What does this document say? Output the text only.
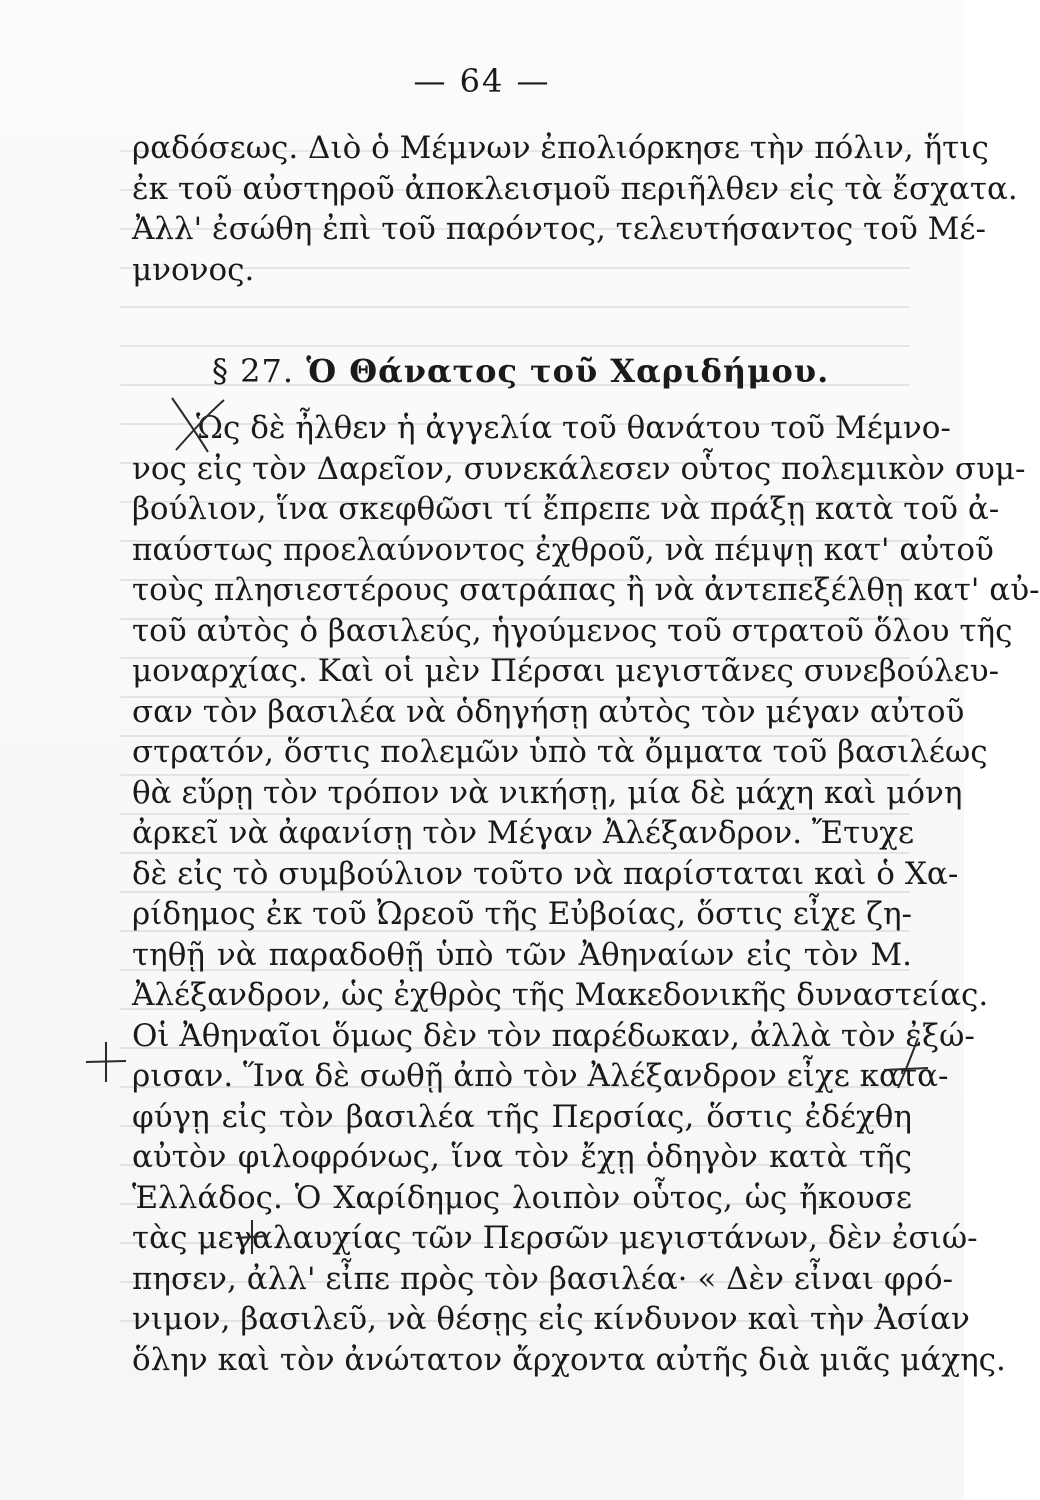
— 64 —
ραδόσεως. Διὸ ὁ Μέμνων ἐπολιόρκησε τὴν πόλιν, ἥτις
ἐκ τοῦ αὐστηροῦ ἀποκλεισμοῦ περιῆλθεν εἰς τὰ ἔσχατα.
Ἀλλ' ἐσώθη ἐπὶ τοῦ παρόντος, τελευτήσαντος τοῦ Μέ-
μνονος.
§ 27. Ὁ Θάνατος τοῦ Χαριδήμου.
Ὡς δὲ ἦλθεν ἡ ἀγγελία τοῦ θανάτου τοῦ Μέμνο-
νος εἰς τὸν Δαρεῖον, συνεκάλεσεν οὗτος πολεμικὸν συμ-
βούλιον, ἵνα σκεφθῶσι τί ἔπρεπε νὰ πράξῃ κατὰ τοῦ ἀ-
παύστως προελαύνοντος ἐχθροῦ, νὰ πέμψῃ κατ' αὐτοῦ
τοὺς πλησιεστέρους σατράπας ἢ νὰ ἀντεπεξέλθῃ κατ' αὐ-
τοῦ αὐτὸς ὁ βασιλεύς, ἡγούμενος τοῦ στρατοῦ ὅλου τῆς
μοναρχίας. Καὶ οἱ μὲν Πέρσαι μεγιστᾶνες συνεβούλευ-
σαν τὸν βασιλέα νὰ ὁδηγήσῃ αὐτὸς τὸν μέγαν αὐτοῦ
στρατόν, ὅστις πολεμῶν ὑπὸ τὰ ὄμματα τοῦ βασιλέως
θὰ εὕρῃ τὸν τρόπον νὰ νικήσῃ, μία δὲ μάχη καὶ μόνη
ἀρκεῖ νὰ ἀφανίσῃ τὸν Μέγαν Ἀλέξανδρον. Ἔτυχε
δὲ εἰς τὸ συμβούλιον τοῦτο νὰ παρίσταται καὶ ὁ Χα-
ρίδημος ἐκ τοῦ Ὠρεοῦ τῆς Εὐβοίας, ὅστις εἶχε ζη-
τηθῇ νὰ παραδοθῇ ὑπὸ τῶν Ἀθηναίων εἰς τὸν Μ.
Ἀλέξανδρον, ὡς ἐχθρὸς τῆς Μακεδονικῆς δυναστείας.
Οἱ Ἀθηναῖοι ὅμως δὲν τὸν παρέδωκαν, ἀλλὰ τὸν ἐξώ-
ρισαν. Ἵνα δὲ σωθῇ ἀπὸ τὸν Ἀλέξανδρον εἶχε κατα-
φύγῃ εἰς τὸν βασιλέα τῆς Περσίας, ὅστις ἐδέχθη
αὐτὸν φιλοφρόνως, ἵνα τὸν ἔχῃ ὁδηγὸν κατὰ τῆς
Ἑλλάδος. Ὁ Χαρίδημος λοιπὸν οὗτος, ὡς ἤκουσε
τὰς μεγαλαυχίας τῶν Περσῶν μεγιστάνων, δὲν ἐσιώ-
πησεν, ἀλλ' εἶπε πρὸς τὸν βασιλέα· « Δὲν εἶναι φρό-
νιμον, βασιλεῦ, νὰ θέσῃς εἰς κίνδυνον καὶ τὴν Ἀσίαν
ὅλην καὶ τὸν ἀνώτατον ἄρχοντα αὐτῆς διὰ μιᾶς μάχης.
